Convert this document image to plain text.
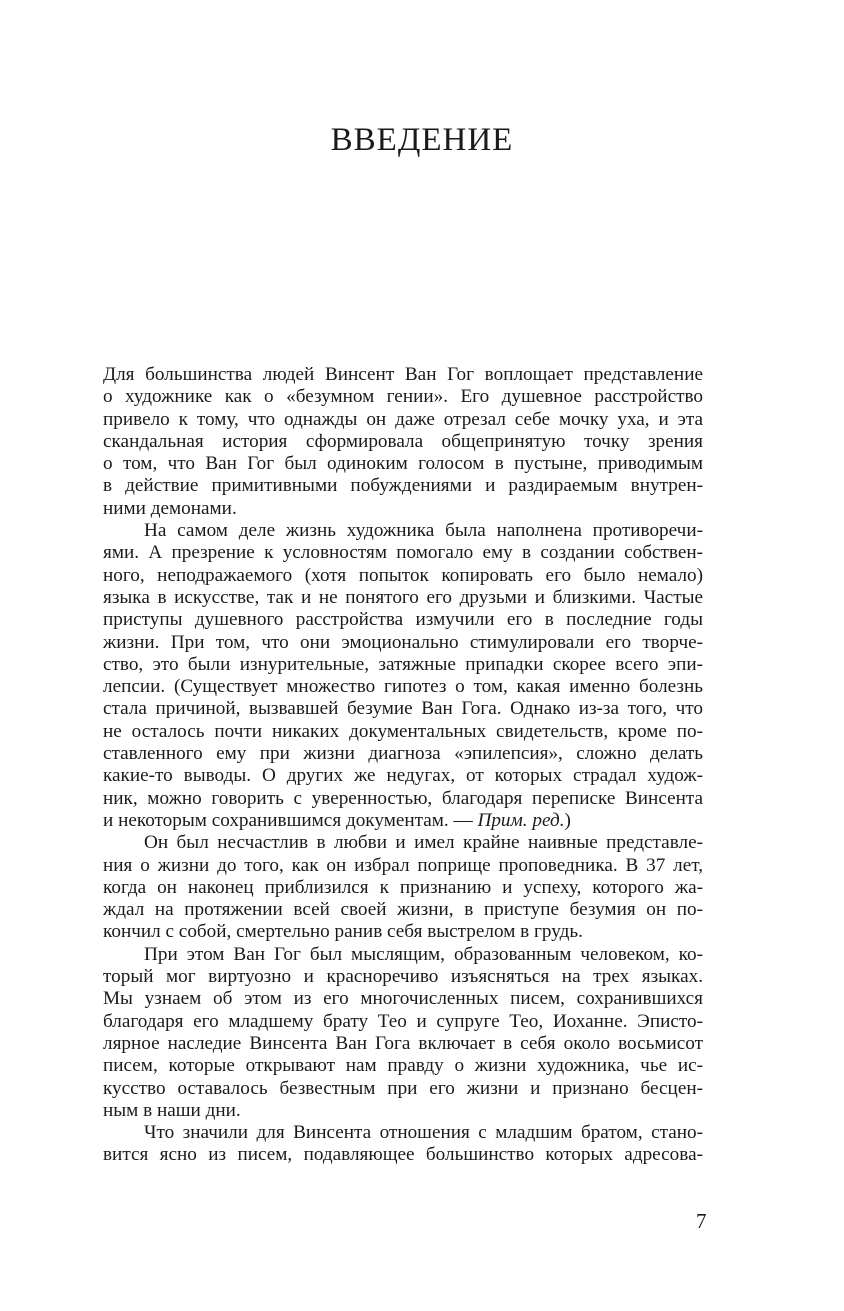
ВВЕДЕНИЕ
Для большинства людей Винсент Ван Гог воплощает представление
о художнике как о «безумном гении». Его душевное расстройство
привело к тому, что однажды он даже отрезал себе мочку уха, и эта
скандальная история сформировала общепринятую точку зрения
о том, что Ван Гог был одиноким голосом в пустыне, приводимым
в действие примитивными побуждениями и раздираемым внутрен-
ними демонами.
На самом деле жизнь художника была наполнена противоречи-
ями. А презрение к условностям помогало ему в создании собствен-
ного, неподражаемого (хотя попыток копировать его было немало)
языка в искусстве, так и не понятого его друзьми и близкими. Частые
приступы душевного расстройства измучили его в последние годы
жизни. При том, что они эмоционально стимулировали его творче-
ство, это были изнурительные, затяжные припадки скорее всего эпи-
лепсии. (Существует множество гипотез о том, какая именно болезнь
стала причиной, вызвавшей безумие Ван Гога. Однако из-за того, что
не осталось почти никаких документальных свидетельств, кроме по-
ставленного ему при жизни диагноза «эпилепсия», сложно делать
какие-то выводы. О других же недугах, от которых страдал худож-
ник, можно говорить с уверенностью, благодаря переписке Винсента
и некоторым сохранившимся документам. — Прим. ред.)
Он был несчастлив в любви и имел крайне наивные представле-
ния о жизни до того, как он избрал поприще проповедника. В 37 лет,
когда он наконец приблизился к признанию и успеху, которого жа-
ждал на протяжении всей своей жизни, в приступе безумия он по-
кончил с собой, смертельно ранив себя выстрелом в грудь.
При этом Ван Гог был мыслящим, образованным человеком, ко-
торый мог виртуозно и красноречиво изъясняться на трех языках.
Мы узнаем об этом из его многочисленных писем, сохранившихся
благодаря его младшему брату Тео и супруге Тео, Иоханне. Эписто-
лярное наследие Винсента Ван Гога включает в себя около восьмисот
писем, которые открывают нам правду о жизни художника, чье ис-
кусство оставалось безвестным при его жизни и признано бесцен-
ным в наши дни.
Что значили для Винсента отношения с младшим братом, стано-
вится ясно из писем, подавляющее большинство которых адресова-
7
